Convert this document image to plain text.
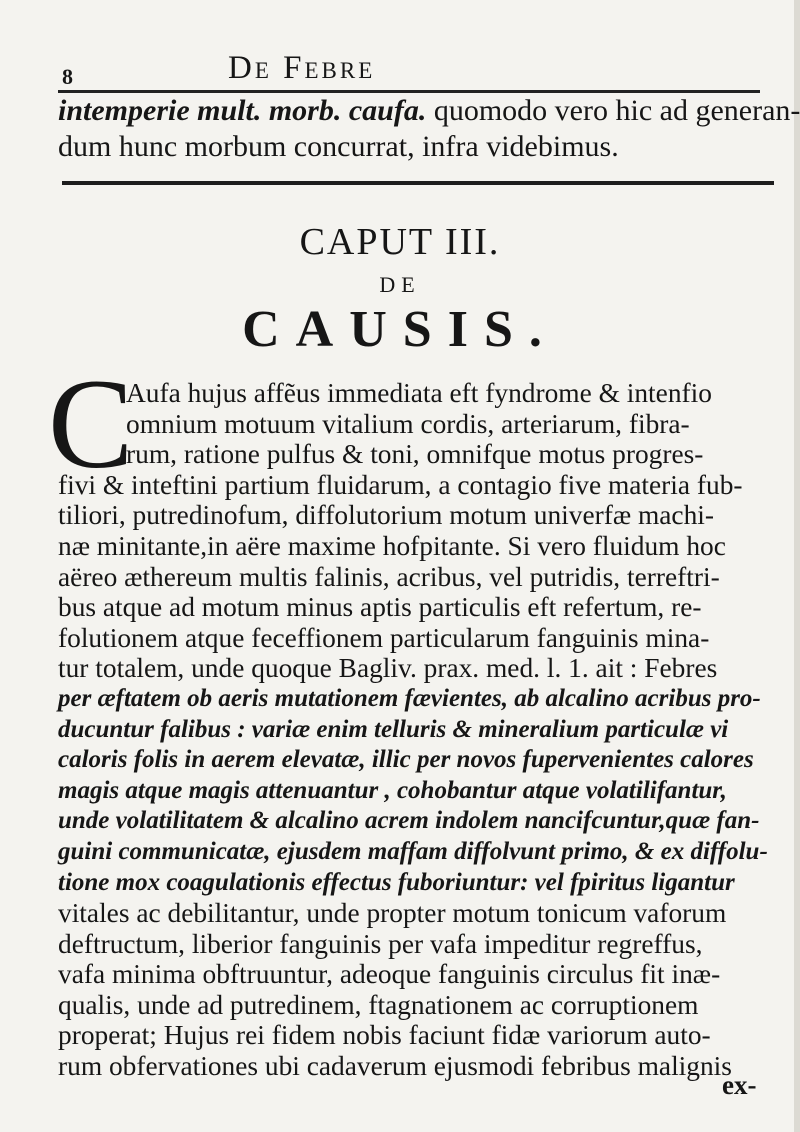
8	De Febre

intemperie mult. morb. caufa. quomodo vero hic ad generan-

dum hunc morbum concurrat, infra videbimus.

CAPUT III.
DE
CAUSIS.
C
Aufa hujus affẽus immediata eft fyndrome & intenfio
omnium motuum vitalium cordis, arteriarum, fibra-
rum, ratione pulfus & toni, omnifque motus progres-
fivi & inteftini partium fluidarum, a contagio five materia fub-
tiliori, putredinofum, diffolutorium motum univerfæ machi-
næ minitante,in aëre maxime hofpitante. Si vero fluidum hoc
aëreo æthereum multis falinis, acribus, vel putridis, terreftri-
bus atque ad motum minus aptis particulis eft refertum, re-
folutionem atque feceffionem particularum fanguinis mina-
tur totalem, unde quoque Bagliv. prax. med. l. 1. ait : Febres
per æftatem ob aeris mutationem fævientes, ab alcalino acribus pro-
ducuntur falibus : variæ enim telluris & mineralium particulæ vi
caloris folis in aerem elevatæ, illic per novos fupervenientes calores
magis atque magis attenuantur , cohobantur atque volatilifantur,
unde volatilitatem & alcalino acrem indolem nancifcuntur,quæ fan-
guini communicatæ, ejusdem maffam diffolvunt primo, & ex diffolu-
tione mox coagulationis effectus fuboriuntur: vel fpiritus ligantur
vitales ac debilitantur, unde propter motum tonicum vaforum
deftructum, liberior fanguinis per vafa impeditur regreffus,
vafa minima obftruuntur, adeoque fanguinis circulus fit inæ-
qualis, unde ad putredinem, ftagnationem ac corruptionem
properat; Hujus rei fidem nobis faciunt fidæ variorum auto-
rum obfervationes ubi cadaverum ejusmodi febribus malignis
ex-
